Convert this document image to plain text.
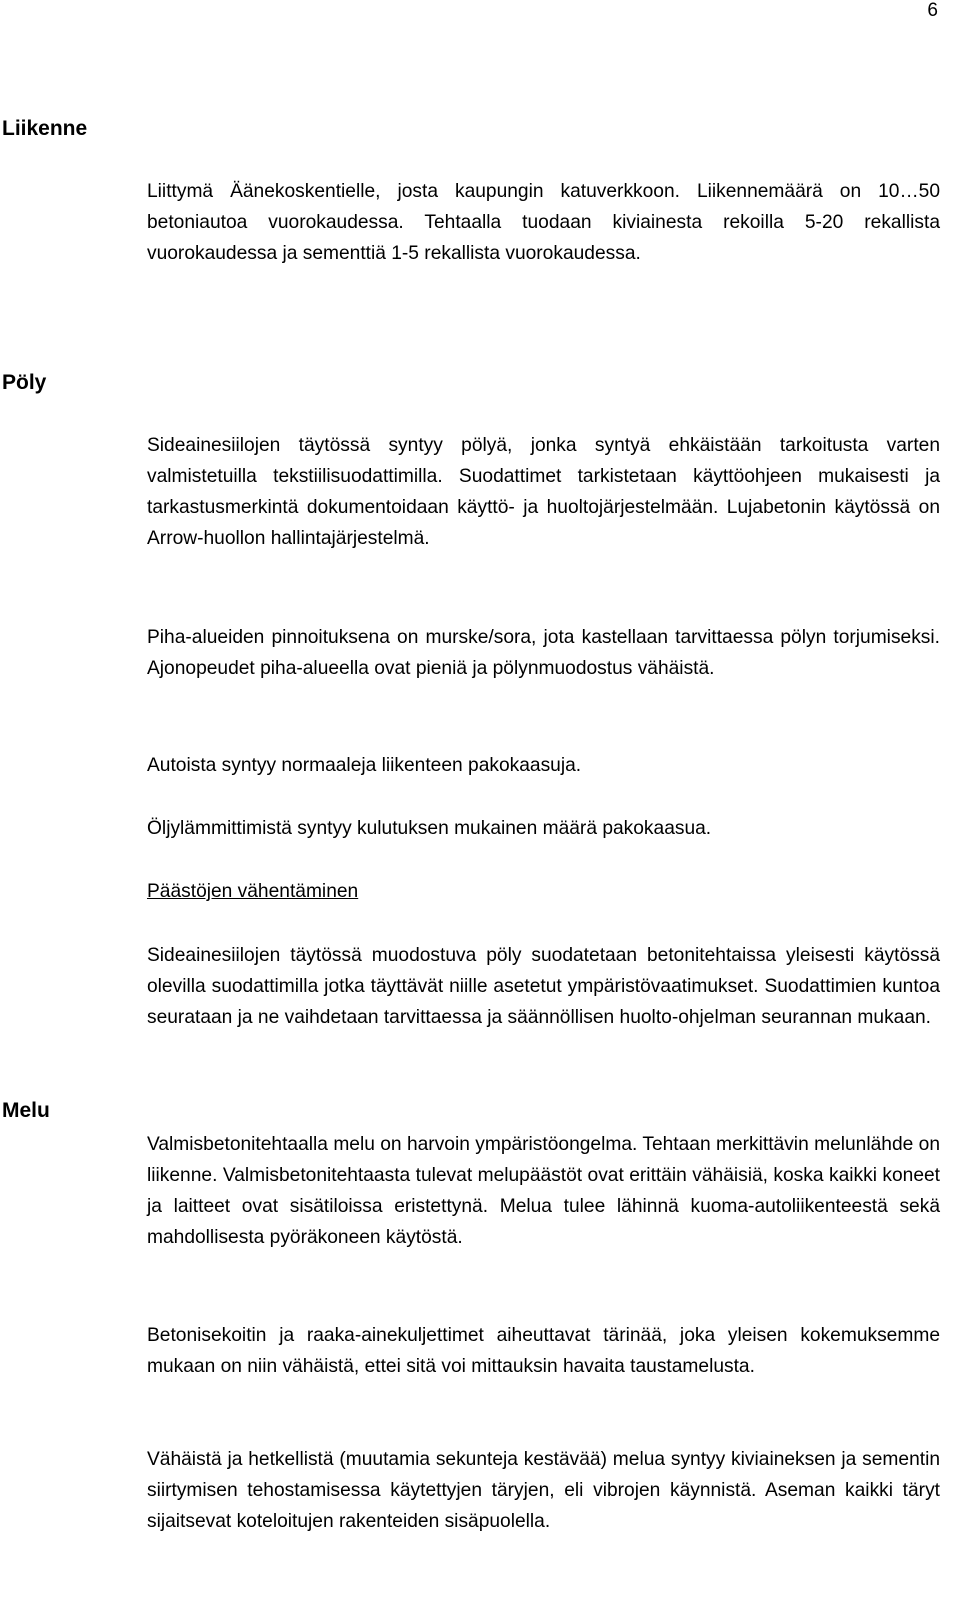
6
Liikenne

Liittymä Äänekoskentielle, josta kaupungin katuverkkoon. Liikennemäärä on 10…50 betoniautoa vuorokaudessa. Tehtaalla tuodaan kiviainesta rekoilla 5-20 rekallista vuorokaudessa ja sementtiä 1-5 rekallista vuorokaudessa.

Pöly

Sideainesiilojen täytössä syntyy pölyä, jonka syntyä ehkäistään tarkoitusta varten valmistetuilla tekstiilisuodattimilla. Suodattimet tarkistetaan käyttöohjeen mukaisesti ja tarkastusmerkintä dokumentoidaan käyttö- ja huoltojärjestelmään. Lujabetonin käytössä on Arrow-huollon hallintajärjestelmä.

Piha-alueiden pinnoituksena on murske/sora, jota kastellaan tarvittaessa pölyn torjumiseksi. Ajonopeudet piha-alueella ovat pieniä ja pölynmuodostus vähäistä.

Autoista syntyy normaaleja liikenteen pakokaasuja.

Öljylämmittimistä syntyy kulutuksen mukainen määrä pakokaasua.

Päästöjen vähentäminen

Sideainesiilojen täytössä muodostuva pöly suodatetaan betonitehtaissa yleisesti käytössä olevilla suodattimilla jotka täyttävät niille asetetut ympäristövaatimukset. Suodattimien kuntoa seurataan ja ne vaihdetaan tarvittaessa ja säännöllisen huolto-ohjelman seurannan mukaan.

Melu

Valmisbetonitehtaalla melu on harvoin ympäristöongelma. Tehtaan merkittävin melunlähde on liikenne. Valmisbetonitehtaasta tulevat melupäästöt ovat erittäin vähäisiä, koska kaikki koneet ja laitteet ovat sisätiloissa eristettynä. Melua tulee lähinnä kuoma-autoliikenteestä sekä mahdollisesta pyöräkoneen käytöstä.

Betonisekoitin ja raaka-ainekuljettimet aiheuttavat tärinää, joka yleisen kokemuksemme mukaan on niin vähäistä, ettei sitä voi mittauksin havaita taustamelusta.

Vähäistä ja hetkellistä (muutamia sekunteja kestävää) melua syntyy kiviaineksen ja sementin siirtymisen tehostamisessa käytettyjen täryjen, eli vibrojen käynnistä. Aseman kaikki täryt sijaitsevat koteloitujen rakenteiden sisäpuolella.
